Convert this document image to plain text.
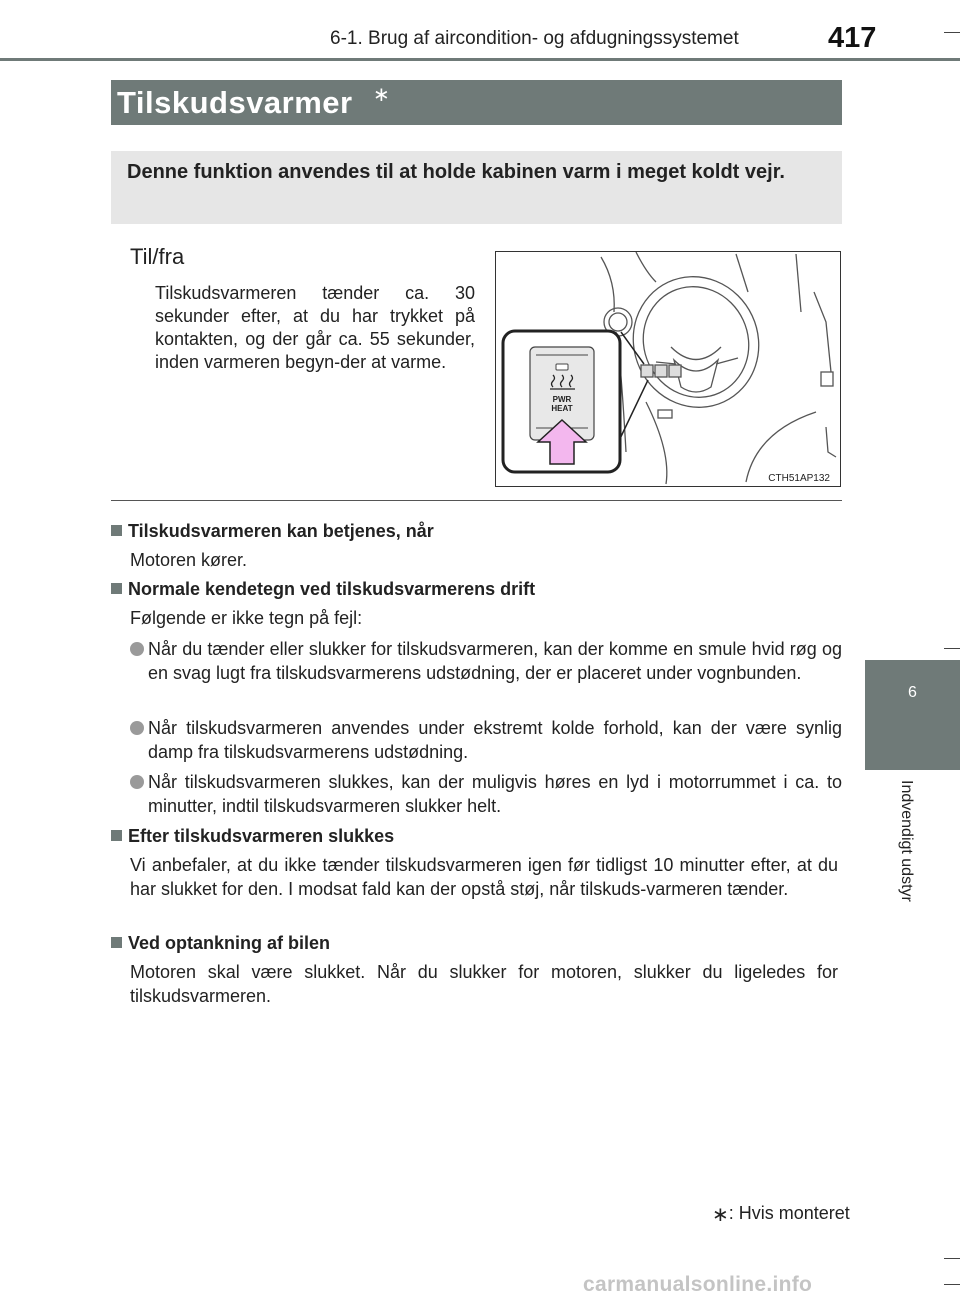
6-1. Brug af aircondition- og afdugningssystemet	417
Tilskudsvarmer ∗
Denne funktion anvendes til at holde kabinen varm i meget koldt vejr.
Til/fra
Tilskudsvarmeren tænder ca. 30 sekunder efter, at du har trykket på kontakten, og der går ca. 55 sekunder, inden varmeren begyn-der at varme.
PWR
HEAT
CTH51AP132
Tilskudsvarmeren kan betjenes, når
Motoren kører.
Normale kendetegn ved tilskudsvarmerens drift
Følgende er ikke tegn på fejl:
Når du tænder eller slukker for tilskudsvarmeren, kan der komme en smule hvid røg og en svag lugt fra tilskudsvarmerens udstødning, der er placeret under vognbunden.
Når tilskudsvarmeren anvendes under ekstremt kolde forhold, kan der være synlig damp fra tilskudsvarmerens udstødning.
Når tilskudsvarmeren slukkes, kan der muligvis høres en lyd i motorrummet i ca. to minutter, indtil tilskudsvarmeren slukker helt.
Efter tilskudsvarmeren slukkes
Vi anbefaler, at du ikke tænder tilskudsvarmeren igen før tidligst 10 minutter efter, at du har slukket for den. I modsat fald kan der opstå støj, når tilskuds-varmeren tænder.
Ved optankning af bilen
Motoren skal være slukket. Når du slukker for motoren, slukker du ligeledes for tilskudsvarmeren.
6
Indvendigt udstyr
∗: Hvis monteret
carmanualsonline.info
